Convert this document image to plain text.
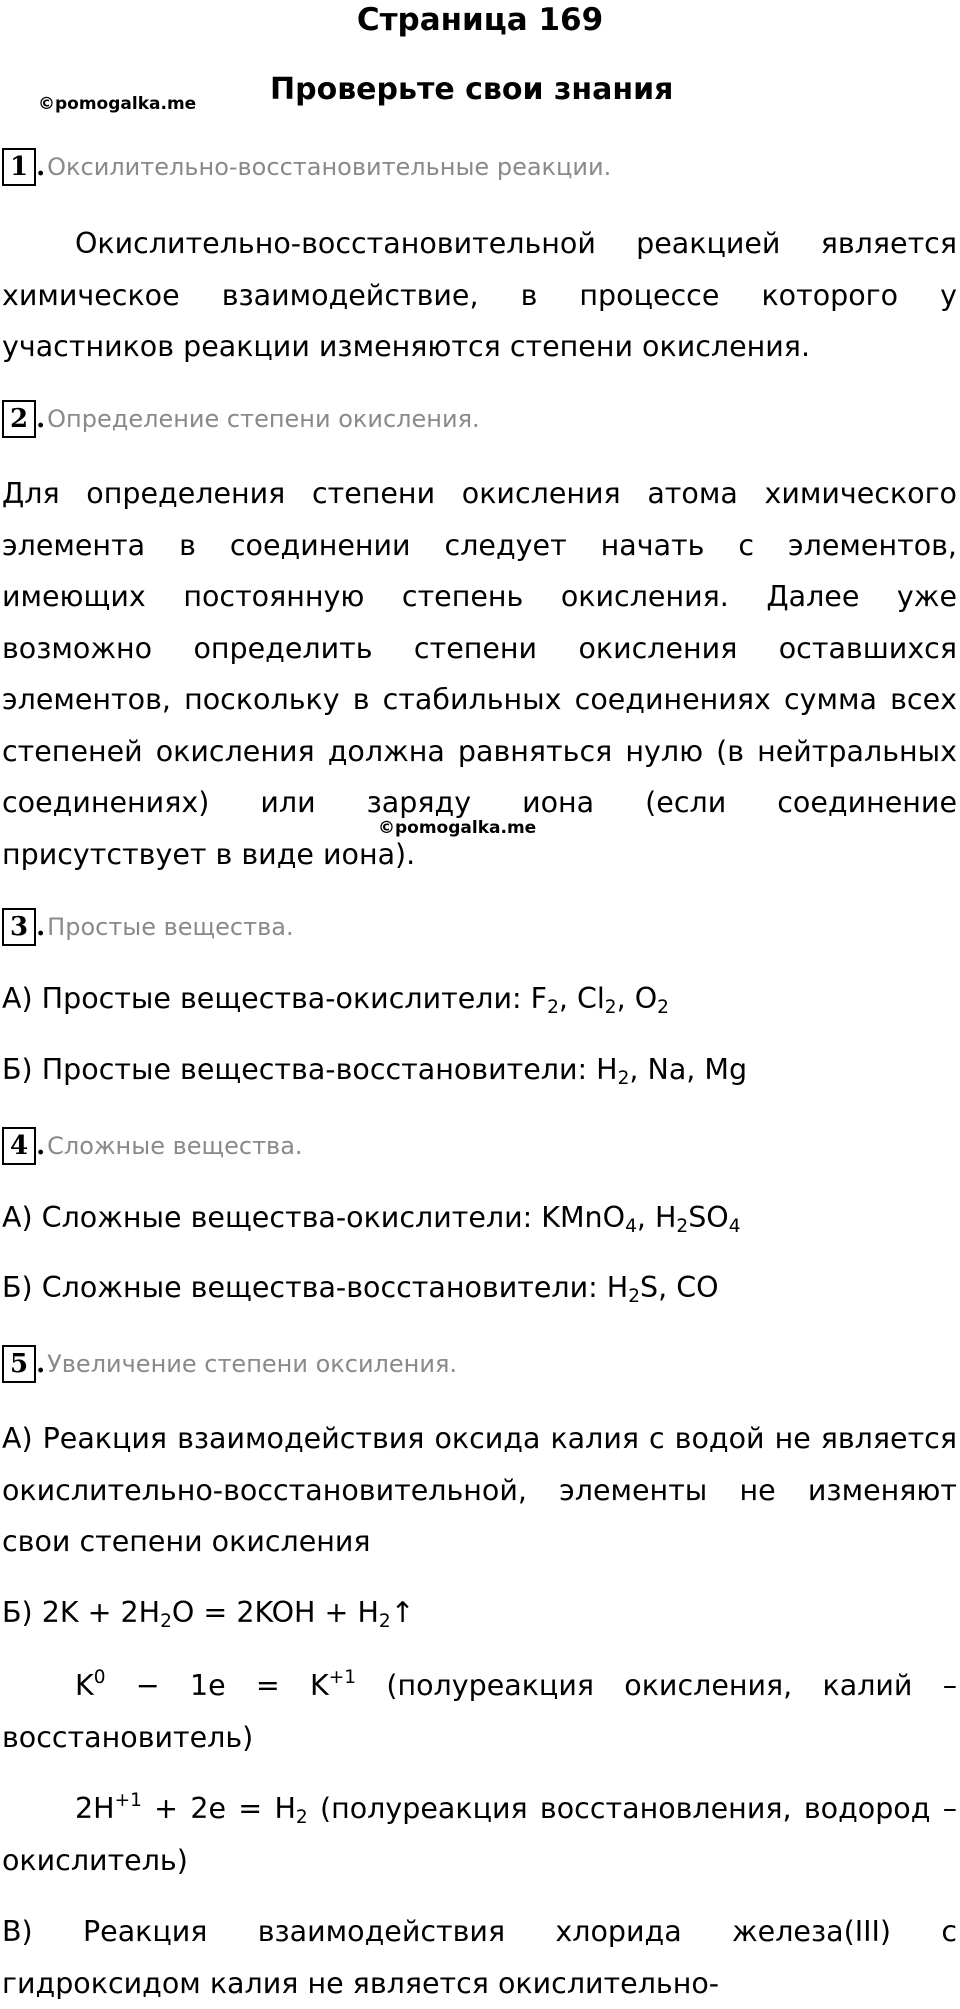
Страница 169
©pomogalka.me Проверьте свои знания
1 .Оксилительно-восстановительные реакции.
Окислительно-восстановительной реакцией является химическое взаимодействие, в процессе которого у участников реакции изменяются степени окисления.
2 .Определение степени окисления.
Для определения степени окисления атома химического элемента в соединении следует начать с элементов, имеющих постоянную степень окисления. Далее уже возможно определить степени окисления оставшихся элементов, поскольку в стабильных соединениях сумма всех степеней окисления должна равняться нулю (в нейтральных соединениях) или заряду иона (если соединение присутствует в виде иона).
©pomogalka.me
3 .Простые вещества.
А) Простые вещества-окислители: $F_2$, $Cl_2$, $O_2$
Б) Простые вещества-восстановители: $H_2$, Na, Mg
4 .Сложные вещества.
А) Сложные вещества-окислители: KMnO$_4$, $H_2SO_4$
Б) Сложные вещества-восстановители: $H_2S$, CO
5 .Увеличение степени оксиления.
А) Реакция взаимодействия оксида калия с водой не является окислительно-восстановительной, элементы не изменяют свои степени окисления
Б) $2K + 2H_2O = 2KOH$ + $H_2↑$
$K^0 - 1e = K^{+1}$ (полуреакция окисления, калий – восстановитель)
$2H^{+1} + 2e = H_2$ (полуреакция восстановления, водород – окислитель)
В) Реакция взаимодействия хлорида железа(III) с гидроксидом калия не является окислительно-
